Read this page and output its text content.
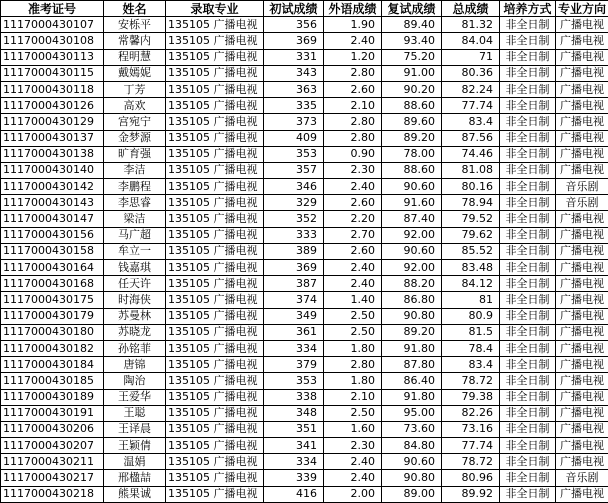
准考证号	姓名	录取专业	初试成绩	外语成绩	复试成绩	总成绩	培养方式	专业方向
1117000430107	安栎平	135105 广播电视	356	1.90	89.40	81.32	非全日制	广播电视
1117000430108	常馨内	135105 广播电视	369	2.40	93.40	84.04	非全日制	广播电视
1117000430113	程明慧	135105 广播电视	331	1.20	75.20	71	非全日制	广播电视
1117000430115	戴嫣妮	135105 广播电视	343	2.80	91.00	80.36	非全日制	广播电视
1117000430118	丁芳	135105 广播电视	363	2.60	90.20	82.24	非全日制	广播电视
1117000430126	高欢	135105 广播电视	335	2.10	88.60	77.74	非全日制	广播电视
1117000430129	宫宛宁	135105 广播电视	373	2.80	89.60	83.4	非全日制	广播电视
1117000430137	金梦源	135105 广播电视	409	2.80	89.20	87.56	非全日制	广播电视
1117000430138	旷育强	135105 广播电视	353	0.90	78.00	74.46	非全日制	广播电视
1117000430140	李洁	135105 广播电视	357	2.30	88.60	81.08	非全日制	广播电视
1117000430142	李鹏程	135105 广播电视	346	2.40	90.60	80.16	非全日制	音乐剧
1117000430143	李思睿	135105 广播电视	329	2.60	91.60	78.94	非全日制	音乐剧
1117000430147	梁洁	135105 广播电视	352	2.20	87.40	79.52	非全日制	广播电视
1117000430156	马广超	135105 广播电视	333	2.70	92.00	79.62	非全日制	广播电视
1117000430158	牟立一	135105 广播电视	389	2.60	90.60	85.52	非全日制	广播电视
1117000430164	钱嘉琪	135105 广播电视	369	2.40	92.00	83.48	非全日制	广播电视
1117000430168	任天许	135105 广播电视	387	2.40	88.20	84.12	非全日制	广播电视
1117000430175	时海侠	135105 广播电视	374	1.40	86.80	81	非全日制	广播电视
1117000430179	苏曼林	135105 广播电视	349	2.50	90.80	80.9	非全日制	广播电视
1117000430180	苏晓龙	135105 广播电视	361	2.50	89.20	81.5	非全日制	广播电视
1117000430182	孙铭菲	135105 广播电视	334	1.80	91.80	78.4	非全日制	广播电视
1117000430184	唐锦	135105 广播电视	379	2.80	87.80	83.4	非全日制	广播电视
1117000430185	陶治	135105 广播电视	353	1.80	86.40	78.72	非全日制	广播电视
1117000430189	王爱华	135105 广播电视	338	2.10	91.80	79.38	非全日制	广播电视
1117000430191	王聪	135105 广播电视	348	2.50	95.00	82.26	非全日制	广播电视
1117000430206	王译晨	135105 广播电视	351	1.60	73.60	73.16	非全日制	广播电视
1117000430207	王颖倩	135105 广播电视	341	2.30	84.80	77.74	非全日制	广播电视
1117000430211	温娟	135105 广播电视	334	2.40	90.60	78.72	非全日制	广播电视
1117000430217	邢楹喆	135105 广播电视	339	2.40	90.80	80.96	非全日制	音乐剧
1117000430218	熊果诚	135105 广播电视	416	2.00	89.00	89.92	非全日制	广播电视
